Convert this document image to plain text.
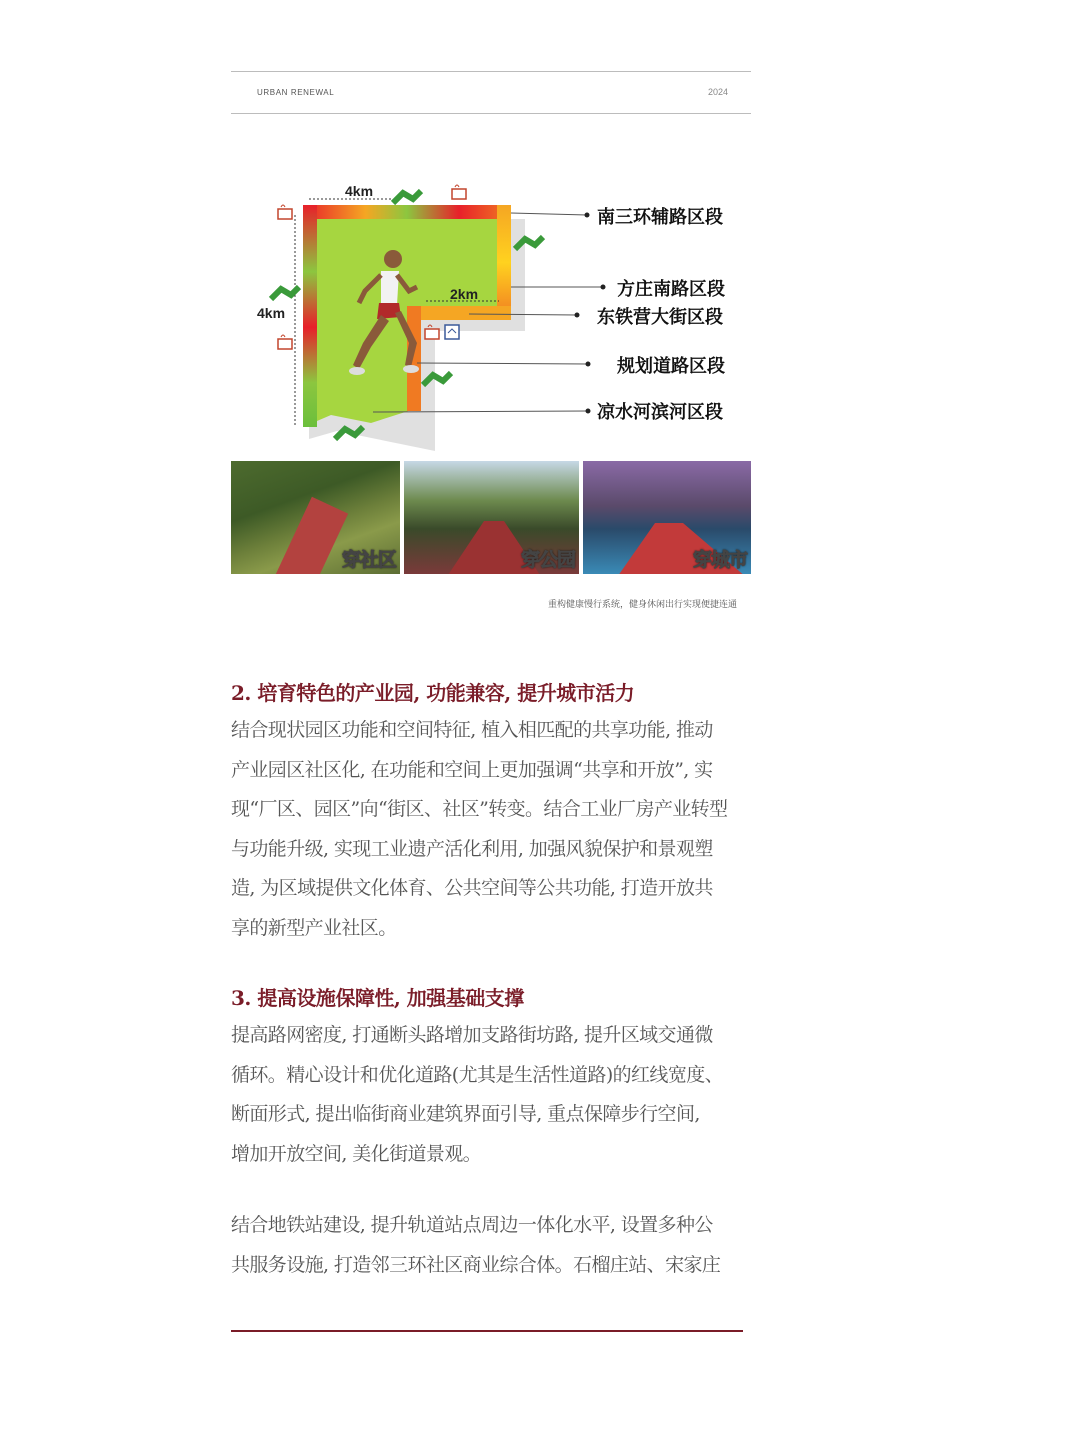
URBAN RENEWAL	2024
4km
4km
2km
南三环辅路区段
方庄南路区段
东铁营大街区段
规划道路区段
凉水河滨河区段
穿社区	穿公园	穿城市
重构健康慢行系统，健身休闲出行实现便捷连通
2. 培育特色的产业园, 功能兼容, 提升城市活力
结合现状园区功能和空间特征, 植入相匹配的共享功能, 推动
产业园区社区化, 在功能和空间上更加强调“共享和开放”, 实
现“厂区、园区”向“街区、社区”转变。结合工业厂房产业转型
与功能升级, 实现工业遗产活化利用, 加强风貌保护和景观塑
造, 为区域提供文化体育、公共空间等公共功能, 打造开放共
享的新型产业社区。
3. 提高设施保障性, 加强基础支撑
提高路网密度, 打通断头路增加支路街坊路, 提升区域交通微
循环。精心设计和优化道路(尤其是生活性道路)的红线宽度、
断面形式, 提出临街商业建筑界面引导, 重点保障步行空间,
增加开放空间, 美化街道景观。
结合地铁站建设, 提升轨道站点周边一体化水平, 设置多种公
共服务设施, 打造邻三环社区商业综合体。石榴庄站、宋家庄
